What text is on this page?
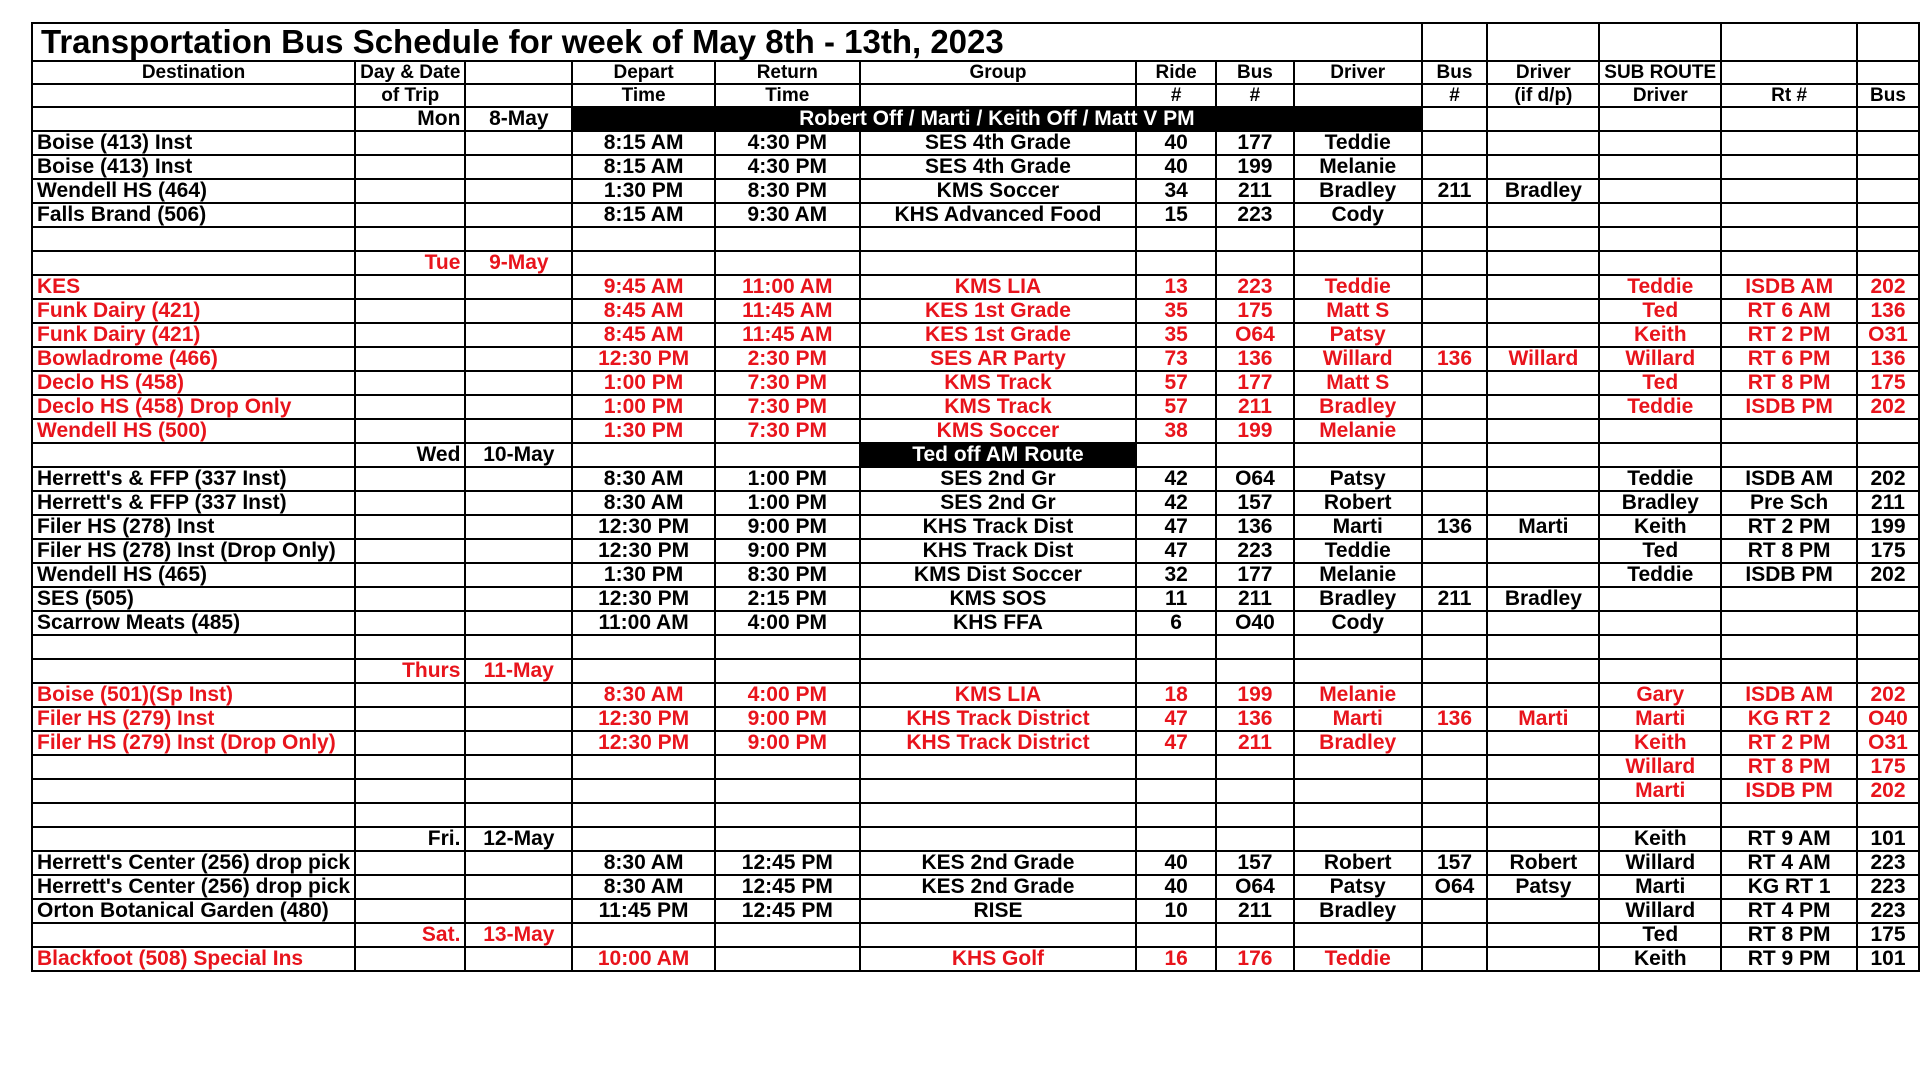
Transportation Bus Schedule for week of May 8th - 13th, 2023													
Destination	Day & Date		Depart	Return	Group	Ride	Bus	Driver	Bus	Driver	SUB ROUTE		
	of Trip		Time	Time		#	#		#	(if d/p)	Driver	Rt #	Bus
	Mon	8-May	Robert Off / Marti / Keith Off / Matt V PM										
Boise (413) Inst			8:15 AM	4:30 PM	SES 4th Grade	40	177	Teddie					
Boise (413) Inst			8:15 AM	4:30 PM	SES 4th Grade	40	199	Melanie					
Wendell HS (464)			1:30 PM	8:30 PM	KMS Soccer	34	211	Bradley	211	Bradley			
Falls Brand (506)			8:15 AM	9:30 AM	KHS Advanced Food	15	223	Cody					

	Tue	9-May											
KES			9:45 AM	11:00 AM	KMS LIA	13	223	Teddie			Teddie	ISDB AM	202
Funk Dairy (421)			8:45 AM	11:45 AM	KES 1st Grade	35	175	Matt S			Ted	RT 6 AM	136
Funk Dairy (421)			8:45 AM	11:45 AM	KES 1st Grade	35	O64	Patsy			Keith	RT 2 PM	O31
Bowladrome (466)			12:30 PM	2:30 PM	SES AR Party	73	136	Willard	136	Willard	Willard	RT 6 PM	136
Declo HS (458)			1:00 PM	7:30 PM	KMS Track	57	177	Matt S			Ted	RT 8 PM	175
Declo HS (458) Drop Only			1:00 PM	7:30 PM	KMS Track	57	211	Bradley			Teddie	ISDB PM	202
Wendell HS (500)			1:30 PM	7:30 PM	KMS Soccer	38	199	Melanie					
	Wed	10-May			Ted off AM Route								
Herrett's & FFP (337 Inst)			8:30 AM	1:00 PM	SES 2nd Gr	42	O64	Patsy			Teddie	ISDB AM	202
Herrett's & FFP (337 Inst)			8:30 AM	1:00 PM	SES 2nd Gr	42	157	Robert			Bradley	Pre Sch	211
Filer HS (278) Inst			12:30 PM	9:00 PM	KHS Track Dist	47	136	Marti	136	Marti	Keith	RT 2 PM	199
Filer HS (278) Inst (Drop Only)			12:30 PM	9:00 PM	KHS Track Dist	47	223	Teddie			Ted	RT 8 PM	175
Wendell HS (465)			1:30 PM	8:30 PM	KMS Dist Soccer	32	177	Melanie			Teddie	ISDB PM	202
SES (505)			12:30 PM	2:15 PM	KMS SOS	11	211	Bradley	211	Bradley			
Scarrow Meats (485)			11:00 AM	4:00 PM	KHS FFA	6	O40	Cody					

	Thurs	11-May											
Boise (501)(Sp Inst)			8:30 AM	4:00 PM	KMS LIA	18	199	Melanie			Gary	ISDB AM	202
Filer HS (279) Inst			12:30 PM	9:00 PM	KHS Track District	47	136	Marti	136	Marti	Marti	KG RT 2	O40
Filer HS (279) Inst (Drop Only)			12:30 PM	9:00 PM	KHS Track District	47	211	Bradley			Keith	RT 2 PM	O31
											Willard	RT 8 PM	175
											Marti	ISDB PM	202

	Fri.	12-May									Keith	RT 9 AM	101
Herrett's Center (256) drop pick			8:30 AM	12:45 PM	KES 2nd Grade	40	157	Robert	157	Robert	Willard	RT 4 AM	223
Herrett's Center (256) drop pick			8:30 AM	12:45 PM	KES 2nd Grade	40	O64	Patsy	O64	Patsy	Marti	KG RT 1	223
Orton Botanical Garden (480)			11:45 PM	12:45 PM	RISE	10	211	Bradley			Willard	RT 4 PM	223
	Sat.	13-May									Ted	RT 8 PM	175
Blackfoot (508) Special Ins			10:00 AM		KHS Golf	16	176	Teddie			Keith	RT 9 PM	101
